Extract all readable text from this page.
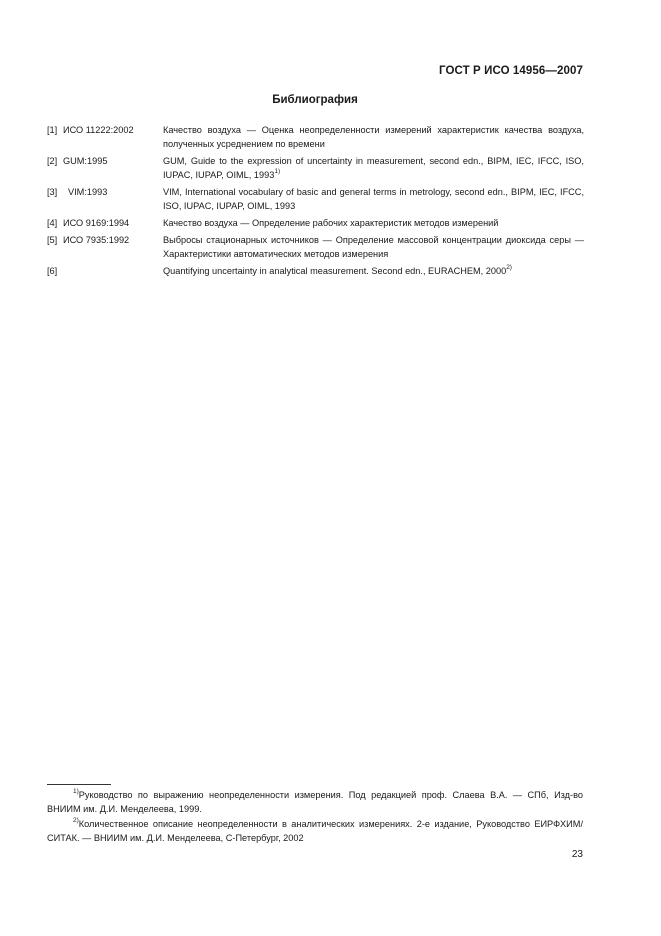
ГОСТ Р ИСО 14956—2007
Библиография
[1] ИСО 11222:2002	Качество воздуха — Оценка неопределенности измерений характеристик качества воздуха, полученных усреднением по времени
[2] GUM:1995	GUM, Guide to the expression of uncertainty in measurement, second edn., BIPM, IEC, IFCC, ISO, IUPAC, IUPAP, OIML, 1993$^{1)}$
[3]	VIM:1993	VIM, International vocabulary of basic and general terms in metrology, second edn., BIPM, IEC, IFCC, ISO, IUPAC, IUPAP, OIML, 1993
[4] ИСО 9169:1994	Качество воздуха — Определение рабочих характеристик методов измерений
[5] ИСО 7935:1992	Выбросы стационарных источников — Определение массовой концентрации диоксида серы — Характеристики автоматических методов измерения
[6]	Quantifying uncertainty in analytical measurement. Second edn., EURACHEM, 2000$^{2)}$
$^{1)}$Руководство по выражению неопределенности измерения. Под редакцией проф. Слаева В.А. — СПб, Изд-во ВНИИМ им. Д.И. Менделеева, 1999.
$^{2)}$Количественное описание неопределенности в аналитических измерениях. 2-е издание, Руководство ЕИРФХИМ/СИТАК. — ВНИИМ им. Д.И. Менделеева, С-Петербург, 2002
23
